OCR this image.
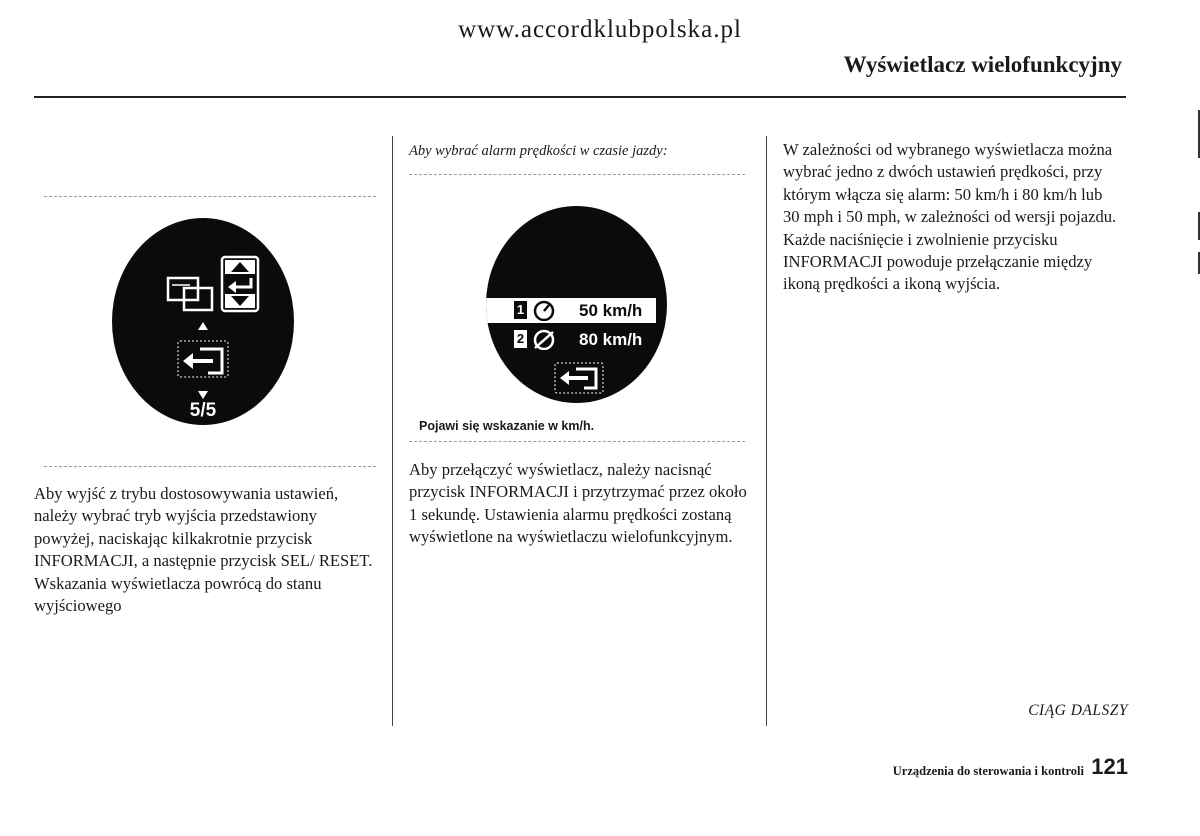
www.accordklubpolska.pl
Wyświetlacz wielofunkcyjny
5/5
Aby wyjść z trybu dostosowywania ustawień, należy wybrać tryb wyjścia przedstawiony powyżej, naciskając kilkakrotnie przycisk INFORMACJI, a następnie przycisk SEL/ RESET. Wskazania wyświetlacza powrócą do stanu wyjściowego
Aby wybrać alarm prędkości w czasie jazdy:
1	50 km/h
2	80 km/h
Pojawi się wskazanie w km/h.
Aby przełączyć wyświetlacz, należy nacisnąć przycisk INFORMACJI i przytrzymać przez około 1 sekundę. Ustawienia alarmu prędkości zostaną wyświetlone na wyświetlaczu wielofunkcyjnym.
W zależności od wybranego wyświetlacza można wybrać jedno z dwóch ustawień prędkości, przy którym włącza się alarm: 50 km/h i 80 km/h lub 30 mph i 50 mph, w zależności od wersji pojazdu. Każde naciśnięcie i zwolnienie przycisku INFORMACJI powoduje przełączanie między ikoną prędkości a ikoną wyjścia.
CIĄG DALSZY
Urządzenia do sterowania i kontroli 121
